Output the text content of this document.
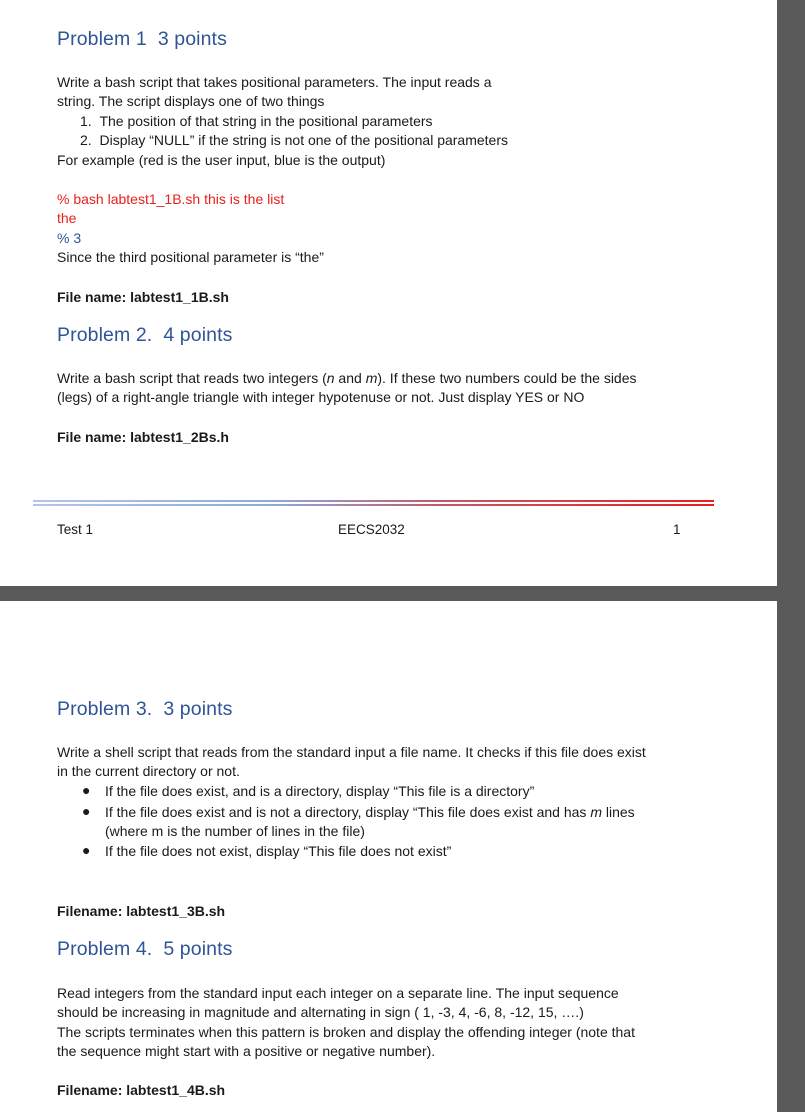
Problem 1 3 points
Write a bash script that takes positional parameters. The input reads a
string. The script displays one of two things
1. The position of that string in the positional parameters
2. Display “NULL” if the string is not one of the positional parameters
For example (red is the user input, blue is the output)
% bash labtest1_1B.sh this is the list
the
% 3
Since the third positional parameter is “the”
File name: labtest1_1B.sh
Problem 2. 4 points
Write a bash script that reads two integers (n and m). If these two numbers could be the sides
(legs) of a right-angle triangle with integer hypotenuse or not. Just display YES or NO
File name: labtest1_2Bs.h
Test 1	EECS2032	1
Problem 3. 3 points
Write a shell script that reads from the standard input a file name. It checks if this file does exist
in the current directory or not.
● If the file does exist, and is a directory, display “This file is a directory”
● If the file does exist and is not a directory, display “This file does exist and has m lines
(where m is the number of lines in the file)
● If the file does not exist, display “This file does not exist”
Filename: labtest1_3B.sh
Problem 4. 5 points
Read integers from the standard input each integer on a separate line. The input sequence
should be increasing in magnitude and alternating in sign ( 1, -3, 4, -6, 8, -12, 15, ….)
The scripts terminates when this pattern is broken and display the offending integer (note that
the sequence might start with a positive or negative number).
Filename: labtest1_4B.sh
